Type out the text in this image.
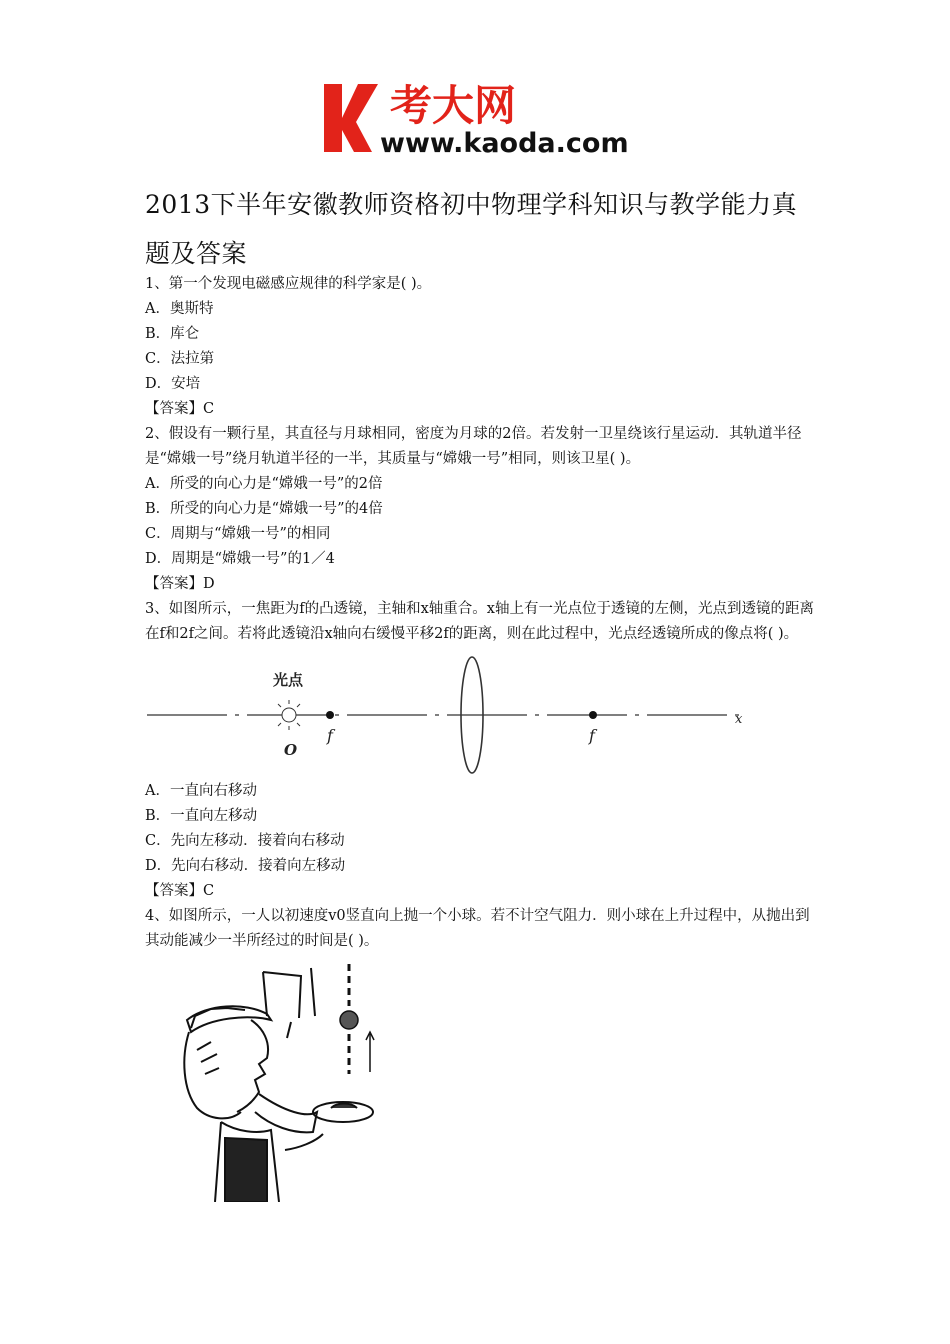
考大网
www.kaoda.com
2013下半年安徽教师资格初中物理学科知识与教学能力真题及答案
1、第一个发现电磁感应规律的科学家是( )。
A．奥斯特
B．库仑
C．法拉第
D．安培
【答案】C
2、假设有一颗行星，其直径与月球相同，密度为月球的2倍。若发射一卫星绕该行星运动．其轨道半径是“嫦娥一号”绕月轨道半径的一半，其质量与“嫦娥一号”相同，则该卫星( )。
A．所受的向心力是“嫦娥一号”的2倍
B．所受的向心力是“嫦娥一号”的4倍
C．周期与“嫦娥一号”的相同
D．周期是“嫦娥一号”的1／4
【答案】D
3、如图所示，一焦距为f的凸透镜，主轴和x轴重合。x轴上有一光点位于透镜的左侧，光点到透镜的距离在f和2f之间。若将此透镜沿x轴向右缓慢平移2f的距离，则在此过程中，光点经透镜所成的像点将( )。
光点
O
f	f
x
A．一直向右移动
B．一直向左移动
C．先向左移动．接着向右移动
D．先向右移动．接着向左移动
【答案】C
4、如图所示，一人以初速度v0竖直向上抛一个小球。若不计空气阻力．则小球在上升过程中，从抛出到其动能减少一半所经过的时间是( )。
